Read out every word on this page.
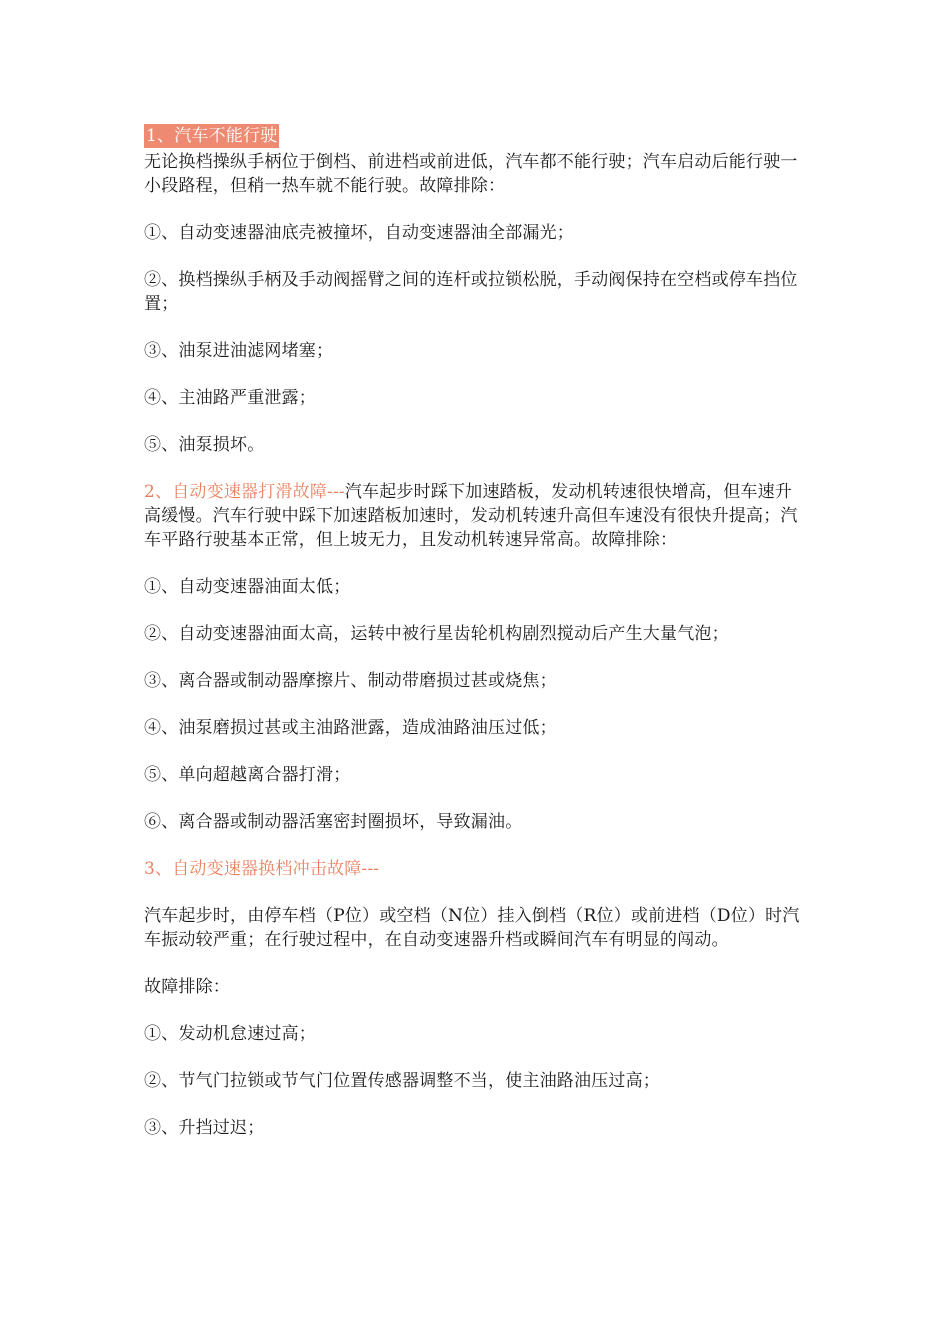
1、汽车不能行驶

无论换档操纵手柄位于倒档、前进档或前进低，汽车都不能行驶；汽车启动后能行驶一小段路程，但稍一热车就不能行驶。故障排除：

①、自动变速器油底壳被撞坏，自动变速器油全部漏光；

②、换档操纵手柄及手动阀摇臂之间的连杆或拉锁松脱，手动阀保持在空档或停车挡位置；

③、油泵进油滤网堵塞；

④、主油路严重泄露；

⑤、油泵损坏。

2、自动变速器打滑故障---汽车起步时踩下加速踏板，发动机转速很快增高，但车速升高缓慢。汽车行驶中踩下加速踏板加速时，发动机转速升高但车速没有很快升提高；汽车平路行驶基本正常，但上坡无力，且发动机转速异常高。故障排除：

①、自动变速器油面太低；

②、自动变速器油面太高，运转中被行星齿轮机构剧烈搅动后产生大量气泡；

③、离合器或制动器摩擦片、制动带磨损过甚或烧焦；

④、油泵磨损过甚或主油路泄露，造成油路油压过低；

⑤、单向超越离合器打滑；

⑥、离合器或制动器活塞密封圈损坏，导致漏油。

3、自动变速器换档冲击故障---

汽车起步时，由停车档（P位）或空档（N位）挂入倒档（R位）或前进档（D位）时汽车振动较严重；在行驶过程中，在自动变速器升档或瞬间汽车有明显的闯动。

故障排除：

①、发动机怠速过高；

②、节气门拉锁或节气门位置传感器调整不当，使主油路油压过高；

③、升挡过迟；
